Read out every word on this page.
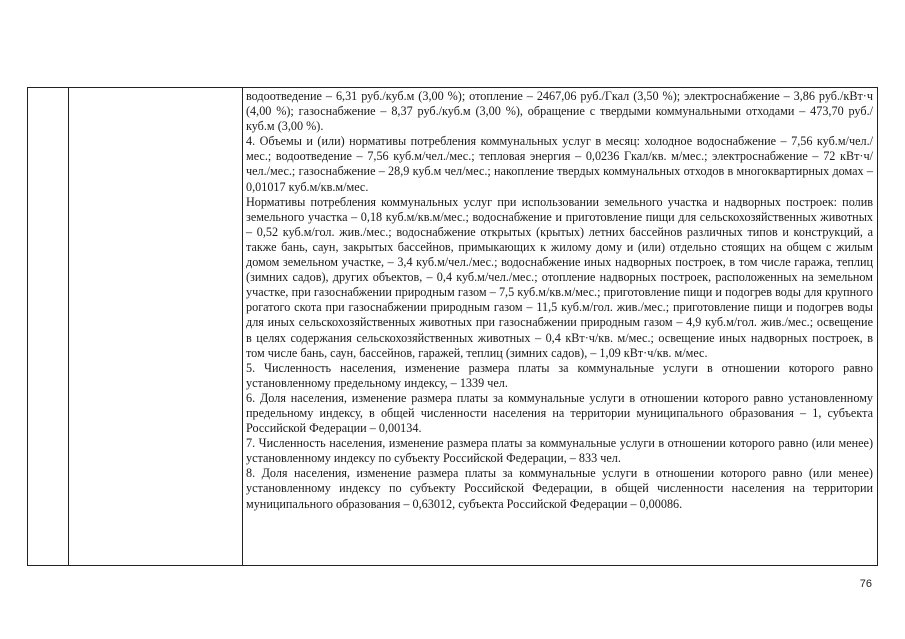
водоотведение – 6,31 руб./куб.м (3,00 %); отопление – 2467,06 руб./Гкал (3,50 %); электроснабжение – 3,86 руб./кВт·ч (4,00 %); газоснабжение – 8,37 руб./куб.м (3,00 %), обращение с твердыми коммунальными отходами – 473,70 руб./куб.м (3,00 %).

4. Объемы и (или) нормативы потребления коммунальных услуг в месяц: холодное водоснабжение – 7,56 куб.м/чел./мес.; водоотведение – 7,56 куб.м/чел./мес.; тепловая энергия – 0,0236 Гкал/кв. м/мес.; электроснабжение – 72 кВт·ч/чел./мес.; газоснабжение – 28,9 куб.м чел/мес.; накопление твердых коммунальных отходов в многоквартирных домах – 0,01017 куб.м/кв.м/мес.

Нормативы потребления коммунальных услуг при использовании земельного участка и надворных построек: полив земельного участка – 0,18 куб.м/кв.м/мес.; водоснабжение и приготовление пищи для сельскохозяйственных животных – 0,52 куб.м/гол. жив./мес.; водоснабжение открытых (крытых) летних бассейнов различных типов и конструкций, а также бань, саун, закрытых бассейнов, примыкающих к жилому дому и (или) отдельно стоящих на общем с жилым домом земельном участке, – 3,4 куб.м/чел./мес.; водоснабжение иных надворных построек, в том числе гаража, теплиц (зимних садов), других объектов, – 0,4 куб.м/чел./мес.; отопление надворных построек, расположенных на земельном участке, при газоснабжении природным газом – 7,5 куб.м/кв.м/мес.; приготовление пищи и подогрев воды для крупного рогатого скота при газоснабжении природным газом – 11,5 куб.м/гол. жив./мес.; приготовление пищи и подогрев воды для иных сельскохозяйственных животных при газоснабжении природным газом – 4,9 куб.м/гол. жив./мес.; освещение в целях содержания сельскохозяйственных животных – 0,4 кВт·ч/кв. м/мес.; освещение иных надворных построек, в том числе бань, саун, бассейнов, гаражей, теплиц (зимних садов), – 1,09 кВт·ч/кв. м/мес.

5. Численность населения, изменение размера платы за коммунальные услуги в отношении которого равно установленному предельному индексу, – 1339 чел.

6. Доля населения, изменение размера платы за коммунальные услуги в отношении которого равно установленному предельному индексу, в общей численности населения на территории муниципального образования – 1, субъекта Российской Федерации – 0,00134.

7. Численность населения, изменение размера платы за коммунальные услуги в отношении которого равно (или менее) установленному индексу по субъекту Российской Федерации, – 833 чел.

8. Доля населения, изменение размера платы за коммунальные услуги в отношении которого равно (или менее) установленному индексу по субъекту Российской Федерации, в общей численности населения на территории муниципального образования – 0,63012, субъекта Российской Федерации – 0,00086.

76
